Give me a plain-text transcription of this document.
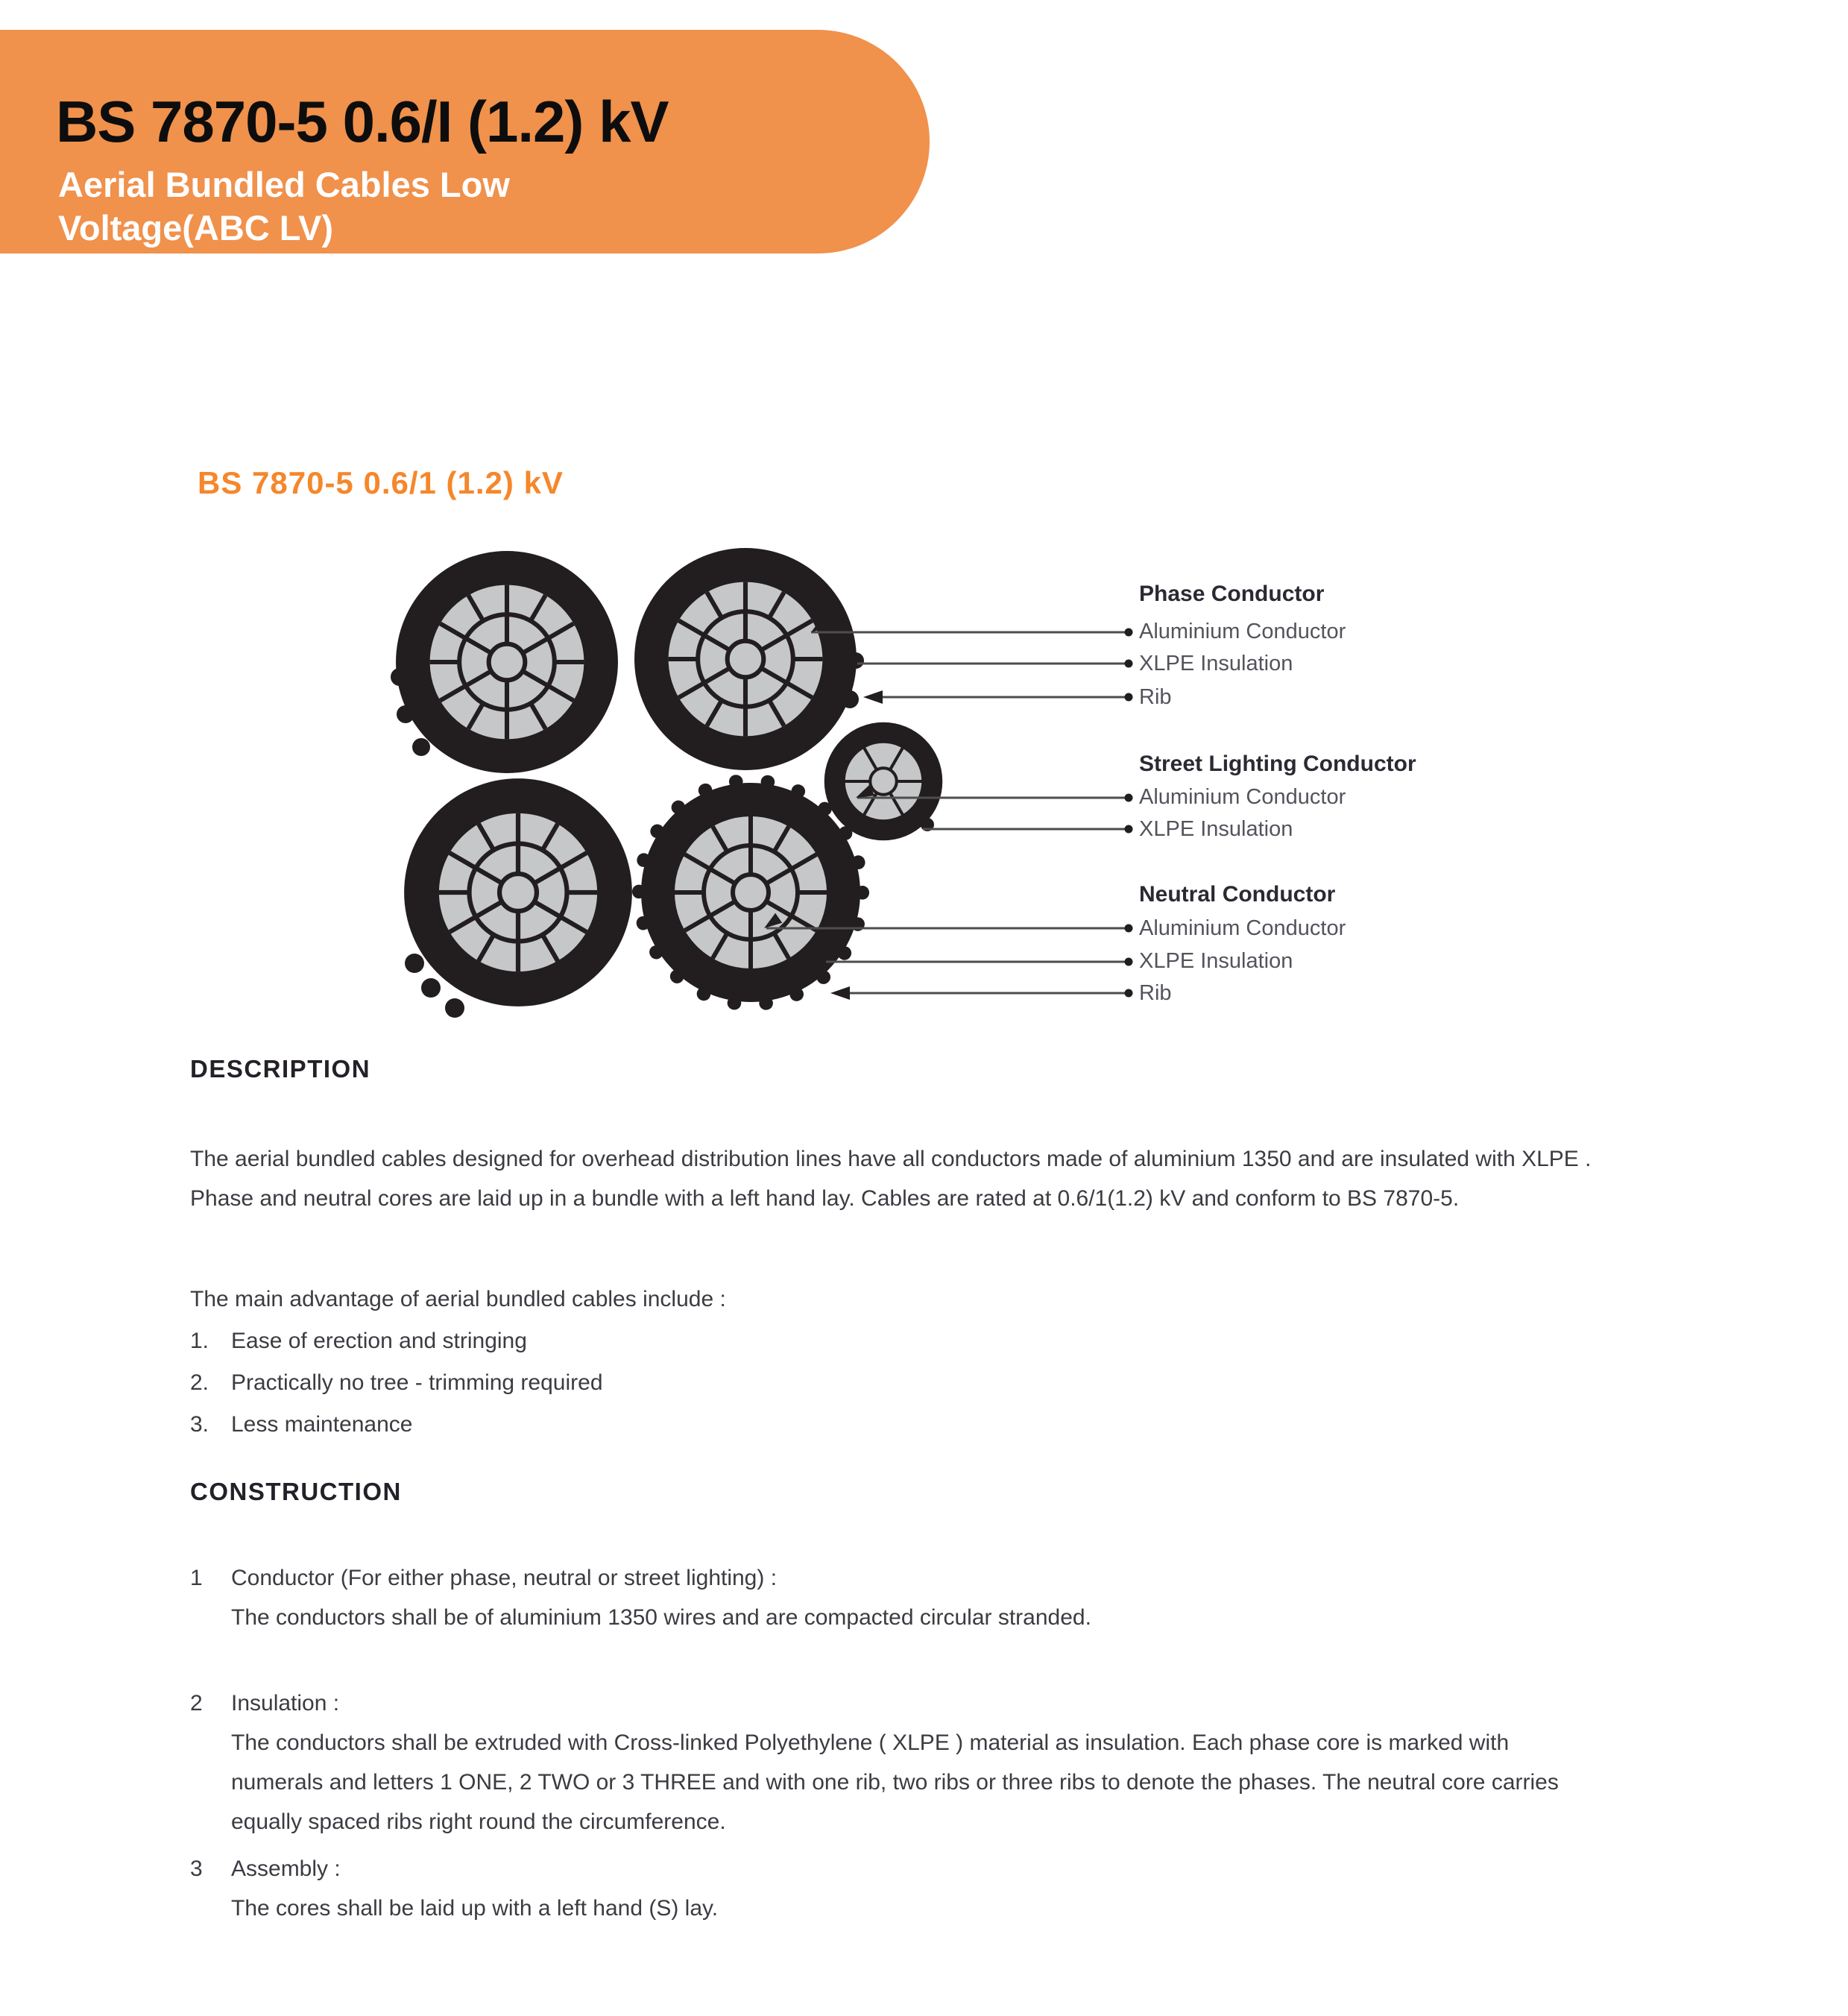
BS 7870-5 0.6/I (1.2) kV
Aerial Bundled Cables Low
Voltage(ABC LV)
BS 7870-5 0.6/1 (1.2) kV
Phase Conductor
Aluminium Conductor
XLPE Insulation
Rib
Street Lighting Conductor
Aluminium Conductor
XLPE Insulation
Neutral Conductor
Aluminium Conductor
XLPE Insulation
Rib
DESCRIPTION
The aerial bundled cables designed for overhead distribution lines have all conductors made of aluminium 1350 and are insulated with XLPE . Phase and neutral cores are laid up in a bundle with a left hand lay. Cables are rated at 0.6/1(1.2) kV and conform to BS 7870-5.
The main advantage of aerial bundled cables include :
1. Ease of erection and stringing
2. Practically no tree - trimming required
3. Less maintenance
CONSTRUCTION
1	Conductor (For either phase, neutral or street lighting) :
The conductors shall be of aluminium 1350 wires and are compacted circular stranded.
2	Insulation :
The conductors shall be extruded with Cross-linked Polyethylene ( XLPE ) material as insulation. Each phase core is marked with numerals and letters 1 ONE, 2 TWO or 3 THREE and with one rib, two ribs or three ribs to denote the phases. The neutral core carries equally spaced ribs right round the circumference.
3	Assembly :
The cores shall be laid up with a left hand (S) lay.
